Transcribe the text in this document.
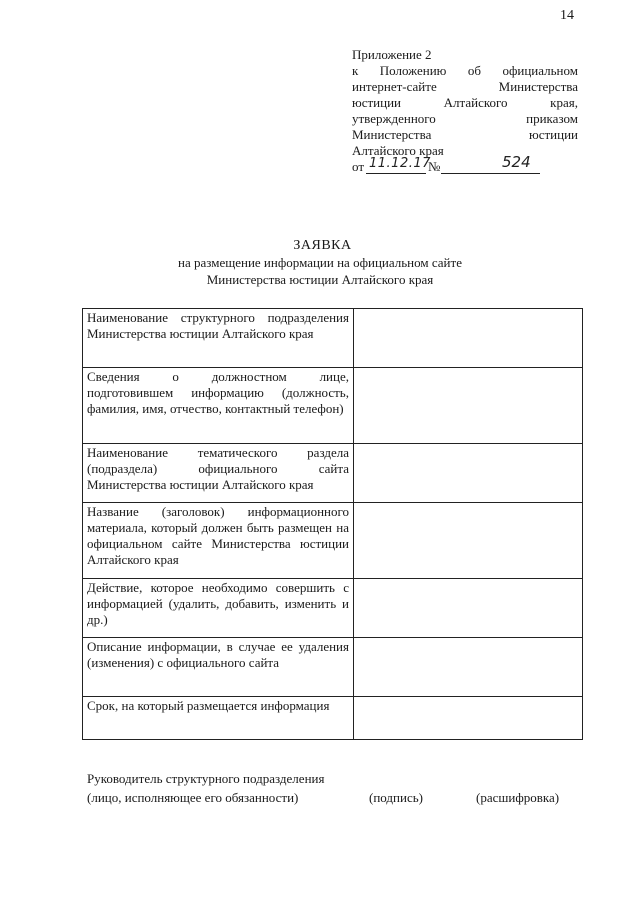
14
Приложение 2
к Положению об официальном
интернет-сайте Министерства
юстиции Алтайского края,
утвержденного приказом
Министерства юстиции
Алтайского края
от 11.12.17
№	524
ЗАЯВКА
на размещение информации на официальном сайте
Министерства юстиции Алтайского края
Наименование структурного подразделения Министерства юстиции Алтайского края	
Сведения о должностном лице, подготовившем информацию (должность, фамилия, имя, отчество, контактный телефон)	
Наименование тематического раздела (подраздела) официального сайта Министерства юстиции Алтайского края	
Название (заголовок) информационного материала, который должен быть размещен на официальном сайте Министерства юстиции Алтайского края	
Действие, которое необходимо совершить с информацией (удалить, добавить, изменить и др.)	
Описание информации, в случае ее удаления (изменения) с официального сайта	
Срок, на который размещается информация	
Руководитель структурного подразделения
(лицо, исполняющее его обязанности)	(подпись)	(расшифровка)
